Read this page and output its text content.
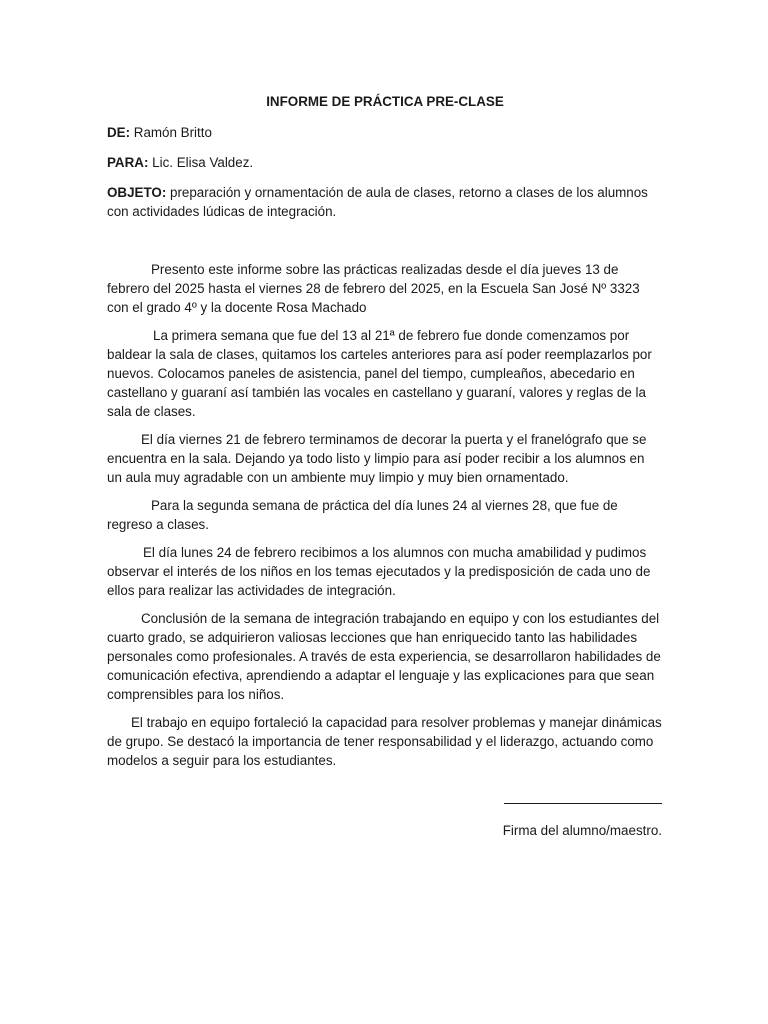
INFORME DE PRÁCTICA PRE-CLASE
DE: Ramón Britto
PARA: Lic. Elisa Valdez.
OBJETO: preparación y ornamentación de aula de clases, retorno a clases de los alumnos con actividades lúdicas de integración.

Presento este informe sobre las prácticas realizadas desde el día jueves 13 de febrero del 2025 hasta el viernes 28 de febrero del 2025, en la Escuela San José Nº 3323 con el grado 4º y la docente Rosa Machado

La primera semana que fue del 13 al 21ª de febrero fue donde comenzamos por baldear la sala de clases, quitamos los carteles anteriores para así poder reemplazarlos por nuevos. Colocamos paneles de asistencia, panel del tiempo, cumpleaños, abecedario en castellano y guaraní así también las vocales en castellano y guaraní, valores y reglas de la sala de clases.

El día viernes 21 de febrero terminamos de decorar la puerta y el franelógrafo que se encuentra en la sala. Dejando ya todo listo y limpio para así poder recibir a los alumnos en un aula muy agradable con un ambiente muy limpio y muy bien ornamentado.

Para la segunda semana de práctica del día lunes 24 al viernes 28, que fue de regreso a clases.

El día lunes 24 de febrero recibimos a los alumnos con mucha amabilidad y pudimos observar el interés de los niños en los temas ejecutados y la predisposición de cada uno de ellos para realizar las actividades de integración.

Conclusión de la semana de integración trabajando en equipo y con los estudiantes del cuarto grado, se adquirieron valiosas lecciones que han enriquecido tanto las habilidades personales como profesionales. A través de esta experiencia, se desarrollaron habilidades de comunicación efectiva, aprendiendo a adaptar el lenguaje y las explicaciones para que sean comprensibles para los niños.

El trabajo en equipo fortaleció la capacidad para resolver problemas y manejar dinámicas de grupo. Se destacó la importancia de tener responsabilidad y el liderazgo, actuando como modelos a seguir para los estudiantes.

Firma del alumno/maestro.
